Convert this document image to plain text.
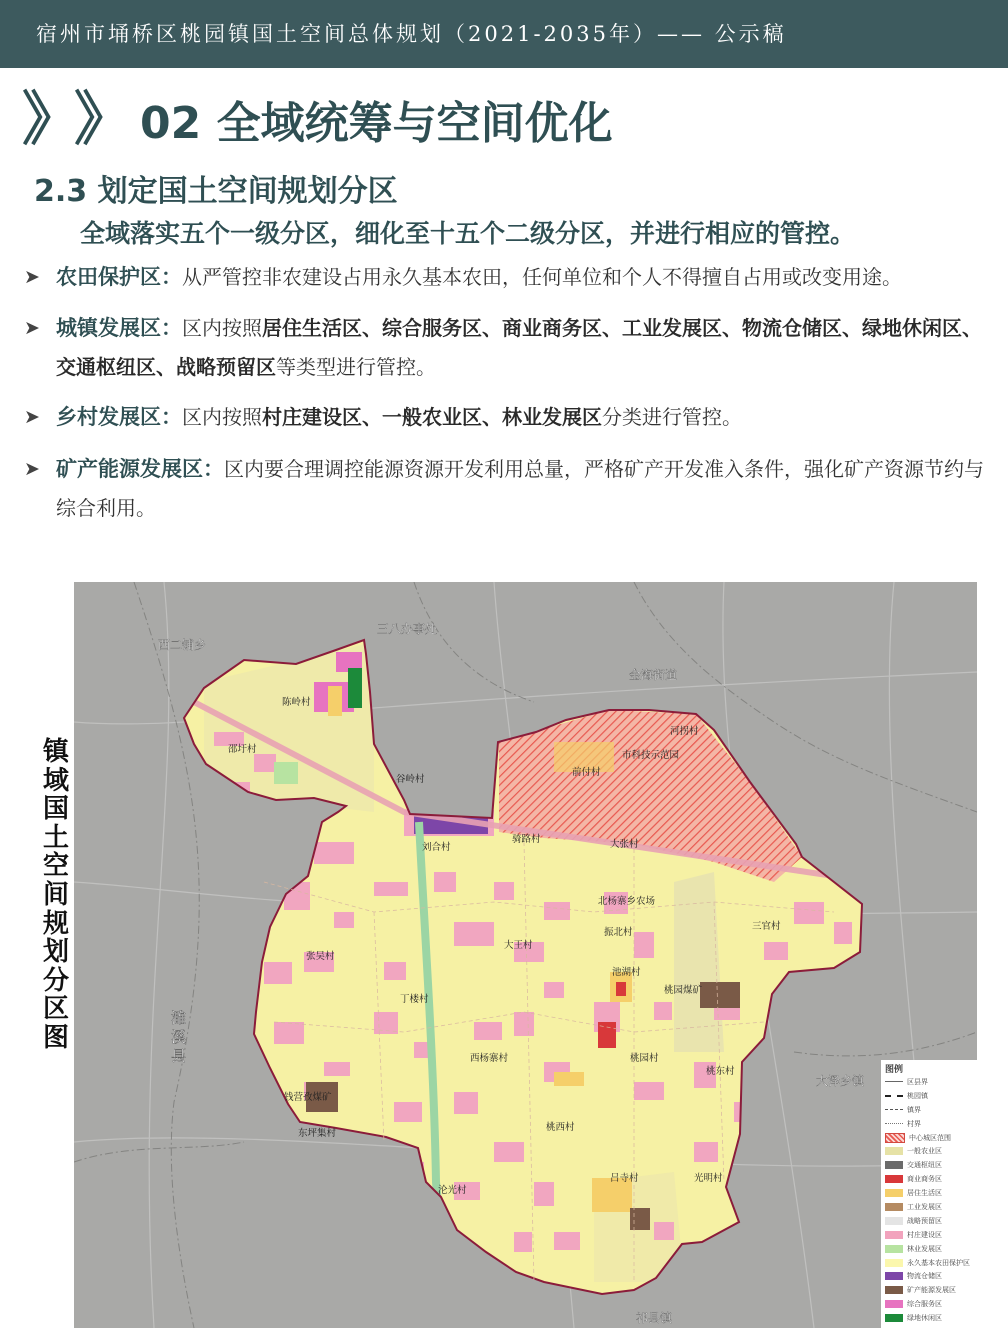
宿州市埇桥区桃园镇国土空间总体规划（2021-2035年）—— 公示稿
》
》 02 全域统筹与空间优化
2.3 划定国土空间规划分区
全域落实五个一级分区，细化至十五个二级分区，并进行相应的管控。
➤ 农田保护区：从严管控非农建设占用永久基本农田，任何单位和个人不得擅自占用或改变用途。
➤ 城镇发展区：区内按照居住生活区、综合服务区、商业商务区、工业发展区、物流仓储区、绿地休闲区、交通枢纽区、战略预留区等类型进行管控。
➤ 乡村发展区：区内按照村庄建设区、一般农业区、林业发展区分类进行管控。
➤ 矿产能源发展区：区内要合理调控能源资源开发利用总量，严格矿产开发准入条件，强化矿产资源节约与综合利用。
镇域国土空间规划分区图
西二铺乡
三八办事处
金海街道
大泽乡镇
祁县镇
濉溪县
陈岭村
邵圩村
谷岭村
刘合村
骑路村
前付村
河拐村
市科技示范园
大张村
北杨寨乡农场
振北村
三官村
大王村
张吴村
池湖村
桃园煤矿
丁楼村
西杨寨村	桃园村
桃东村
钱营孜煤矿
东坪集村
桃西村
吕寺村	光明村
沦光村
图例
区县界
桃园镇
镇界
村界
中心城区范围
一般农业区
交通枢纽区
商业商务区
居住生活区
工业发展区
战略预留区
村庄建设区
林业发展区
永久基本农田保护区
物流仓储区
矿产能源发展区
综合服务区
绿地休闲区
